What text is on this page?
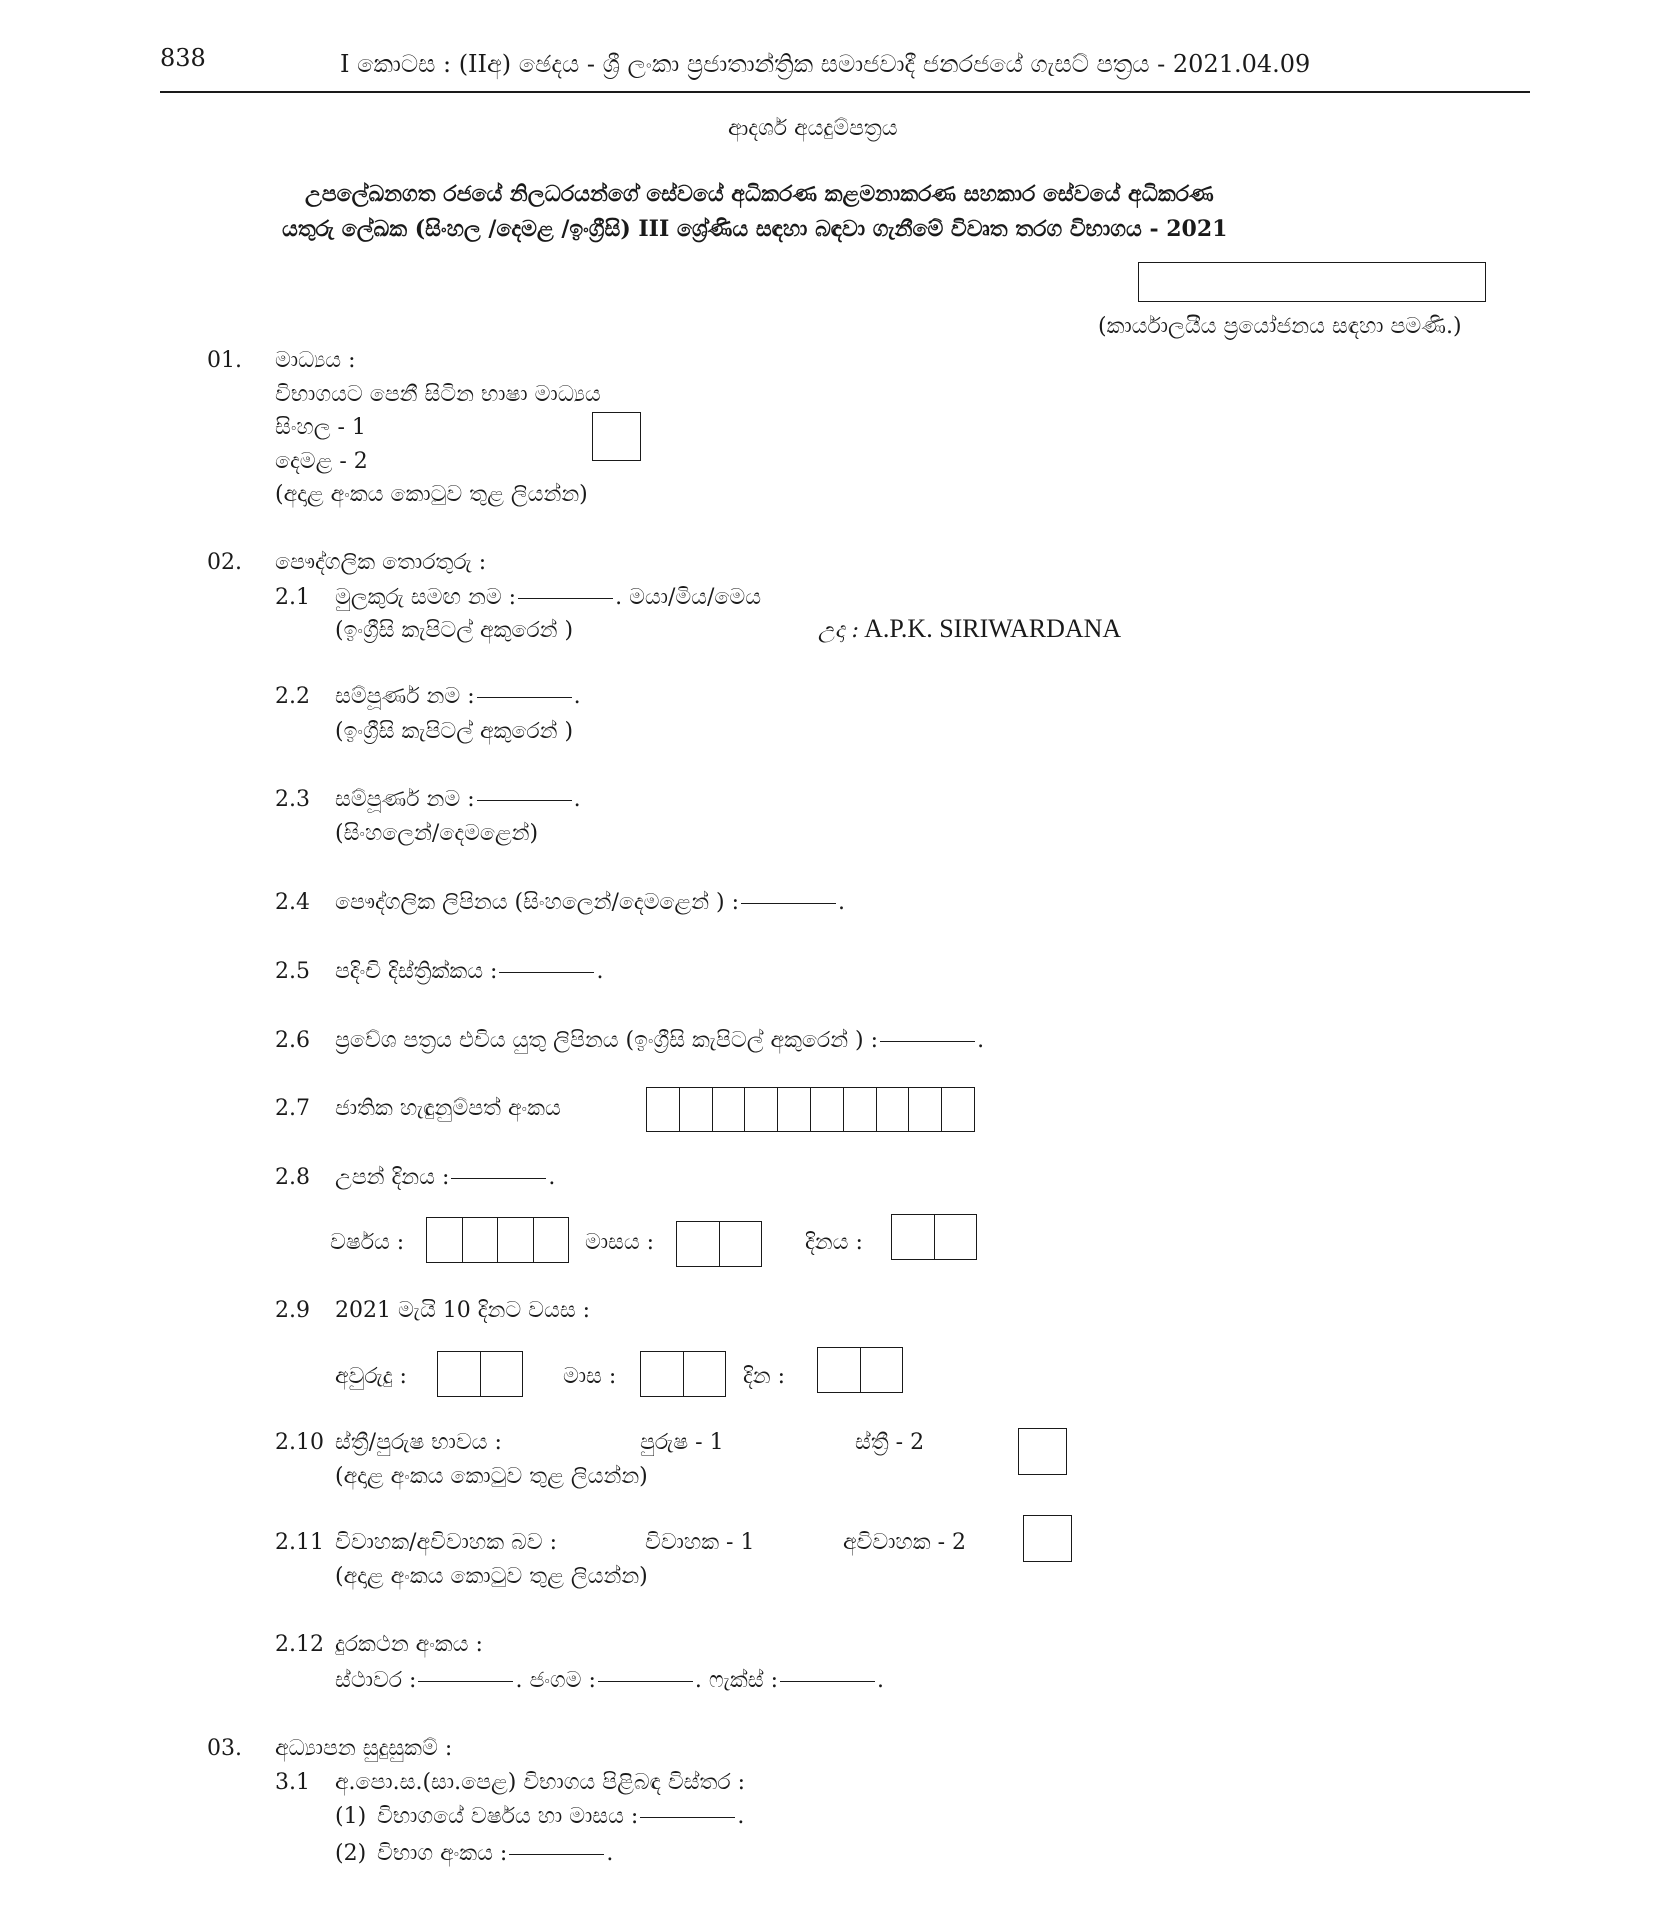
838	I කොටස : (IIඅ) ඡෙදය - ශ්‍රී ලංකා ප්‍රජාතාන්ත්‍රික සමාජවාදී ජනරජයේ ගැසට් පත්‍රය - 2021.04.09
ආදර්ශ අයදුම්පත්‍රය
උපලේඛනගත රජයේ නිලධරයන්ගේ සේවයේ අධිකරණ කළමනාකරණ සහකාර සේවයේ අධිකරණ
යතුරු ලේඛක (සිංහල /දෙමළ /ඉංග්‍රීසි) III ශ්‍රේණිය සඳහා බඳවා ගැනීමේ විවෘත තරග විභාගය - 2021
(කාර්යාලයීය ප්‍රයෝජනය සඳහා පමණි.)
01. මාධ්‍යය :
විභාගයට පෙනී සිටින භාෂා මාධ්‍යය
සිංහල - 1
දෙමළ - 2
(අදාළ අංකය කොටුව තුළ ලියන්න)
02. පෞද්ගලික තොරතුරු :
2.1 මුලකුරු සමඟ නම :	. මයා/මිය/මෙය
(ඉංග්‍රීසි කැපිටල් අකුරෙන් )	උදා : A.P.K. SIRIWARDANA
2.2 සම්පූර්ණ නම :	.
(ඉංග්‍රීසි කැපිටල් අකුරෙන් )
2.3 සම්පූර්ණ නම :	.
(සිංහලෙන්/දෙමළෙන්)
2.4 පෞද්ගලික ලිපිනය (සිංහලෙන්/දෙමළෙන් ) :	.
2.5 පදිංචි දිස්ත්‍රික්කය :	.
2.6 ප්‍රවේශ පත්‍රය එවිය යුතු ලිපිනය (ඉංග්‍රීසි කැපිටල් අකුරෙන් ) :	.
2.7 ජාතික හැඳුනුම්පත් අංකය
2.8 උපන් දිනය :	.
වර්ෂය :	මාසය :	දිනය :
2.9 2021 මැයි 10 දිනට වයස :
අවුරුදු :	මාස :	දින :
2.10 ස්ත්‍රී/පුරුෂ භාවය :	පුරුෂ - 1	ස්ත්‍රී - 2
(අදාළ අංකය කොටුව තුළ ලියන්න)
2.11 විවාහක/අවිවාහක බව :	විවාහක - 1	අවිවාහක - 2
(අදාළ අංකය කොටුව තුළ ලියන්න)
2.12 දුරකථන අංකය :
ස්ථාවර :	. ජංගම :	. ෆැක්ස් :	.
03. අධ්‍යාපන සුදුසුකම් :
3.1 අ.පො.ස.(සා.පෙළ) විභාගය පිළිබඳ විස්තර :
(1) විභාගයේ වර්ෂය හා මාසය :	.
(2) විභාග අංකය :	.
